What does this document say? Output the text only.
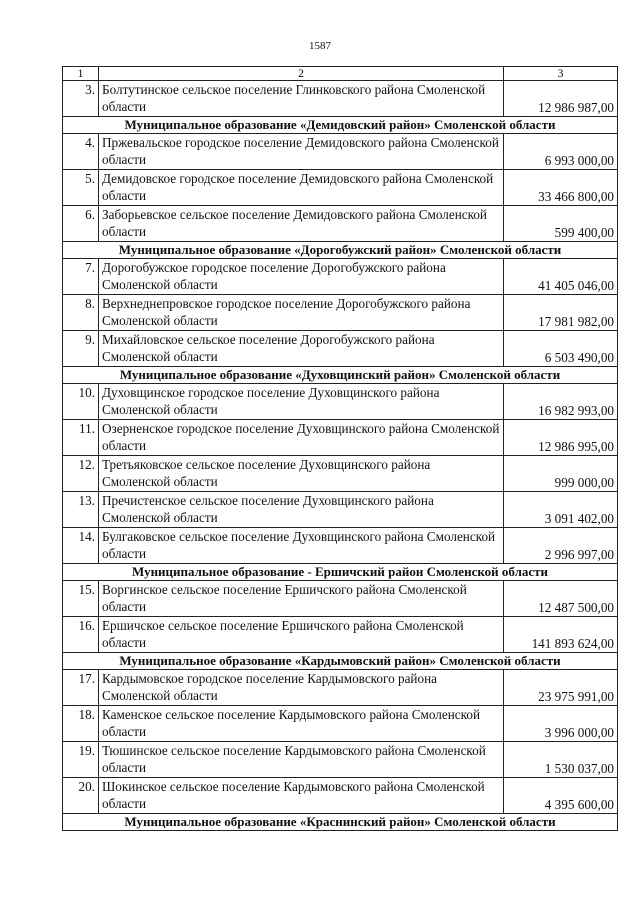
1587
1	2	3
3.	Болтутинское сельское поселение Глинковского района Смоленской области	12 986 987,00
Муниципальное образование «Демидовский район» Смоленской области		
4.	Пржевальское городское поселение Демидовского района Смоленской области	6 993 000,00
5.	Демидовское городское поселение Демидовского района Смоленской области	33 466 800,00
6.	Заборьевское сельское поселение Демидовского района Смоленской области	599 400,00
Муниципальное образование «Дорогобужский район» Смоленской области		
7.	Дорогобужское городское поселение Дорогобужского района Смоленской области	41 405 046,00
8.	Верхнеднепровское городское поселение Дорогобужского района Смоленской области	17 981 982,00
9.	Михайловское сельское поселение Дорогобужского района Смоленской области	6 503 490,00
Муниципальное образование «Духовщинский район» Смоленской области		
10.	Духовщинское городское поселение Духовщинского района Смоленской области	16 982 993,00
11.	Озерненское городское поселение Духовщинского района Смоленской области	12 986 995,00
12.	Третьяковское сельское поселение Духовщинского района Смоленской области	999 000,00
13.	Пречистенское сельское поселение Духовщинского района Смоленской области	3 091 402,00
14.	Булгаковское сельское поселение Духовщинского района Смоленской области	2 996 997,00
Муниципальное образование - Ершичский район Смоленской области		
15.	Воргинское сельское поселение Ершичского района Смоленской области	12 487 500,00
16.	Ершичское сельское поселение Ершичского района Смоленской области	141 893 624,00
Муниципальное образование «Кардымовский район» Смоленской области		
17.	Кардымовское городское поселение Кардымовского района Смоленской области	23 975 991,00
18.	Каменское сельское поселение Кардымовского района Смоленской области	3 996 000,00
19.	Тюшинское сельское поселение Кардымовского района Смоленской области	1 530 037,00
20.	Шокинское сельское поселение Кардымовского района Смоленской области	4 395 600,00
Муниципальное образование «Краснинский район» Смоленской области		
